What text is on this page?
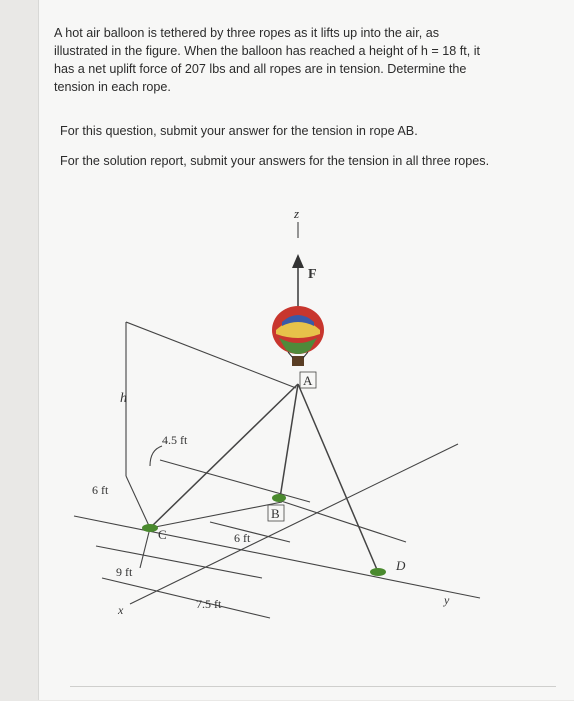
A hot air balloon is tethered by three ropes as it lifts up into the air, as illustrated in the figure. When the balloon has reached a height of h = 18 ft, it has a net uplift force of 207 lbs and all ropes are in tension. Determine the tension in each rope.

For this question, submit your answer for the tension in rope AB.

For the solution report, submit your answers for the tension in all three ropes.

z
F
A
B
C
D
h
x
y
4.5 ft
6 ft
9 ft
6 ft
7.5 ft
